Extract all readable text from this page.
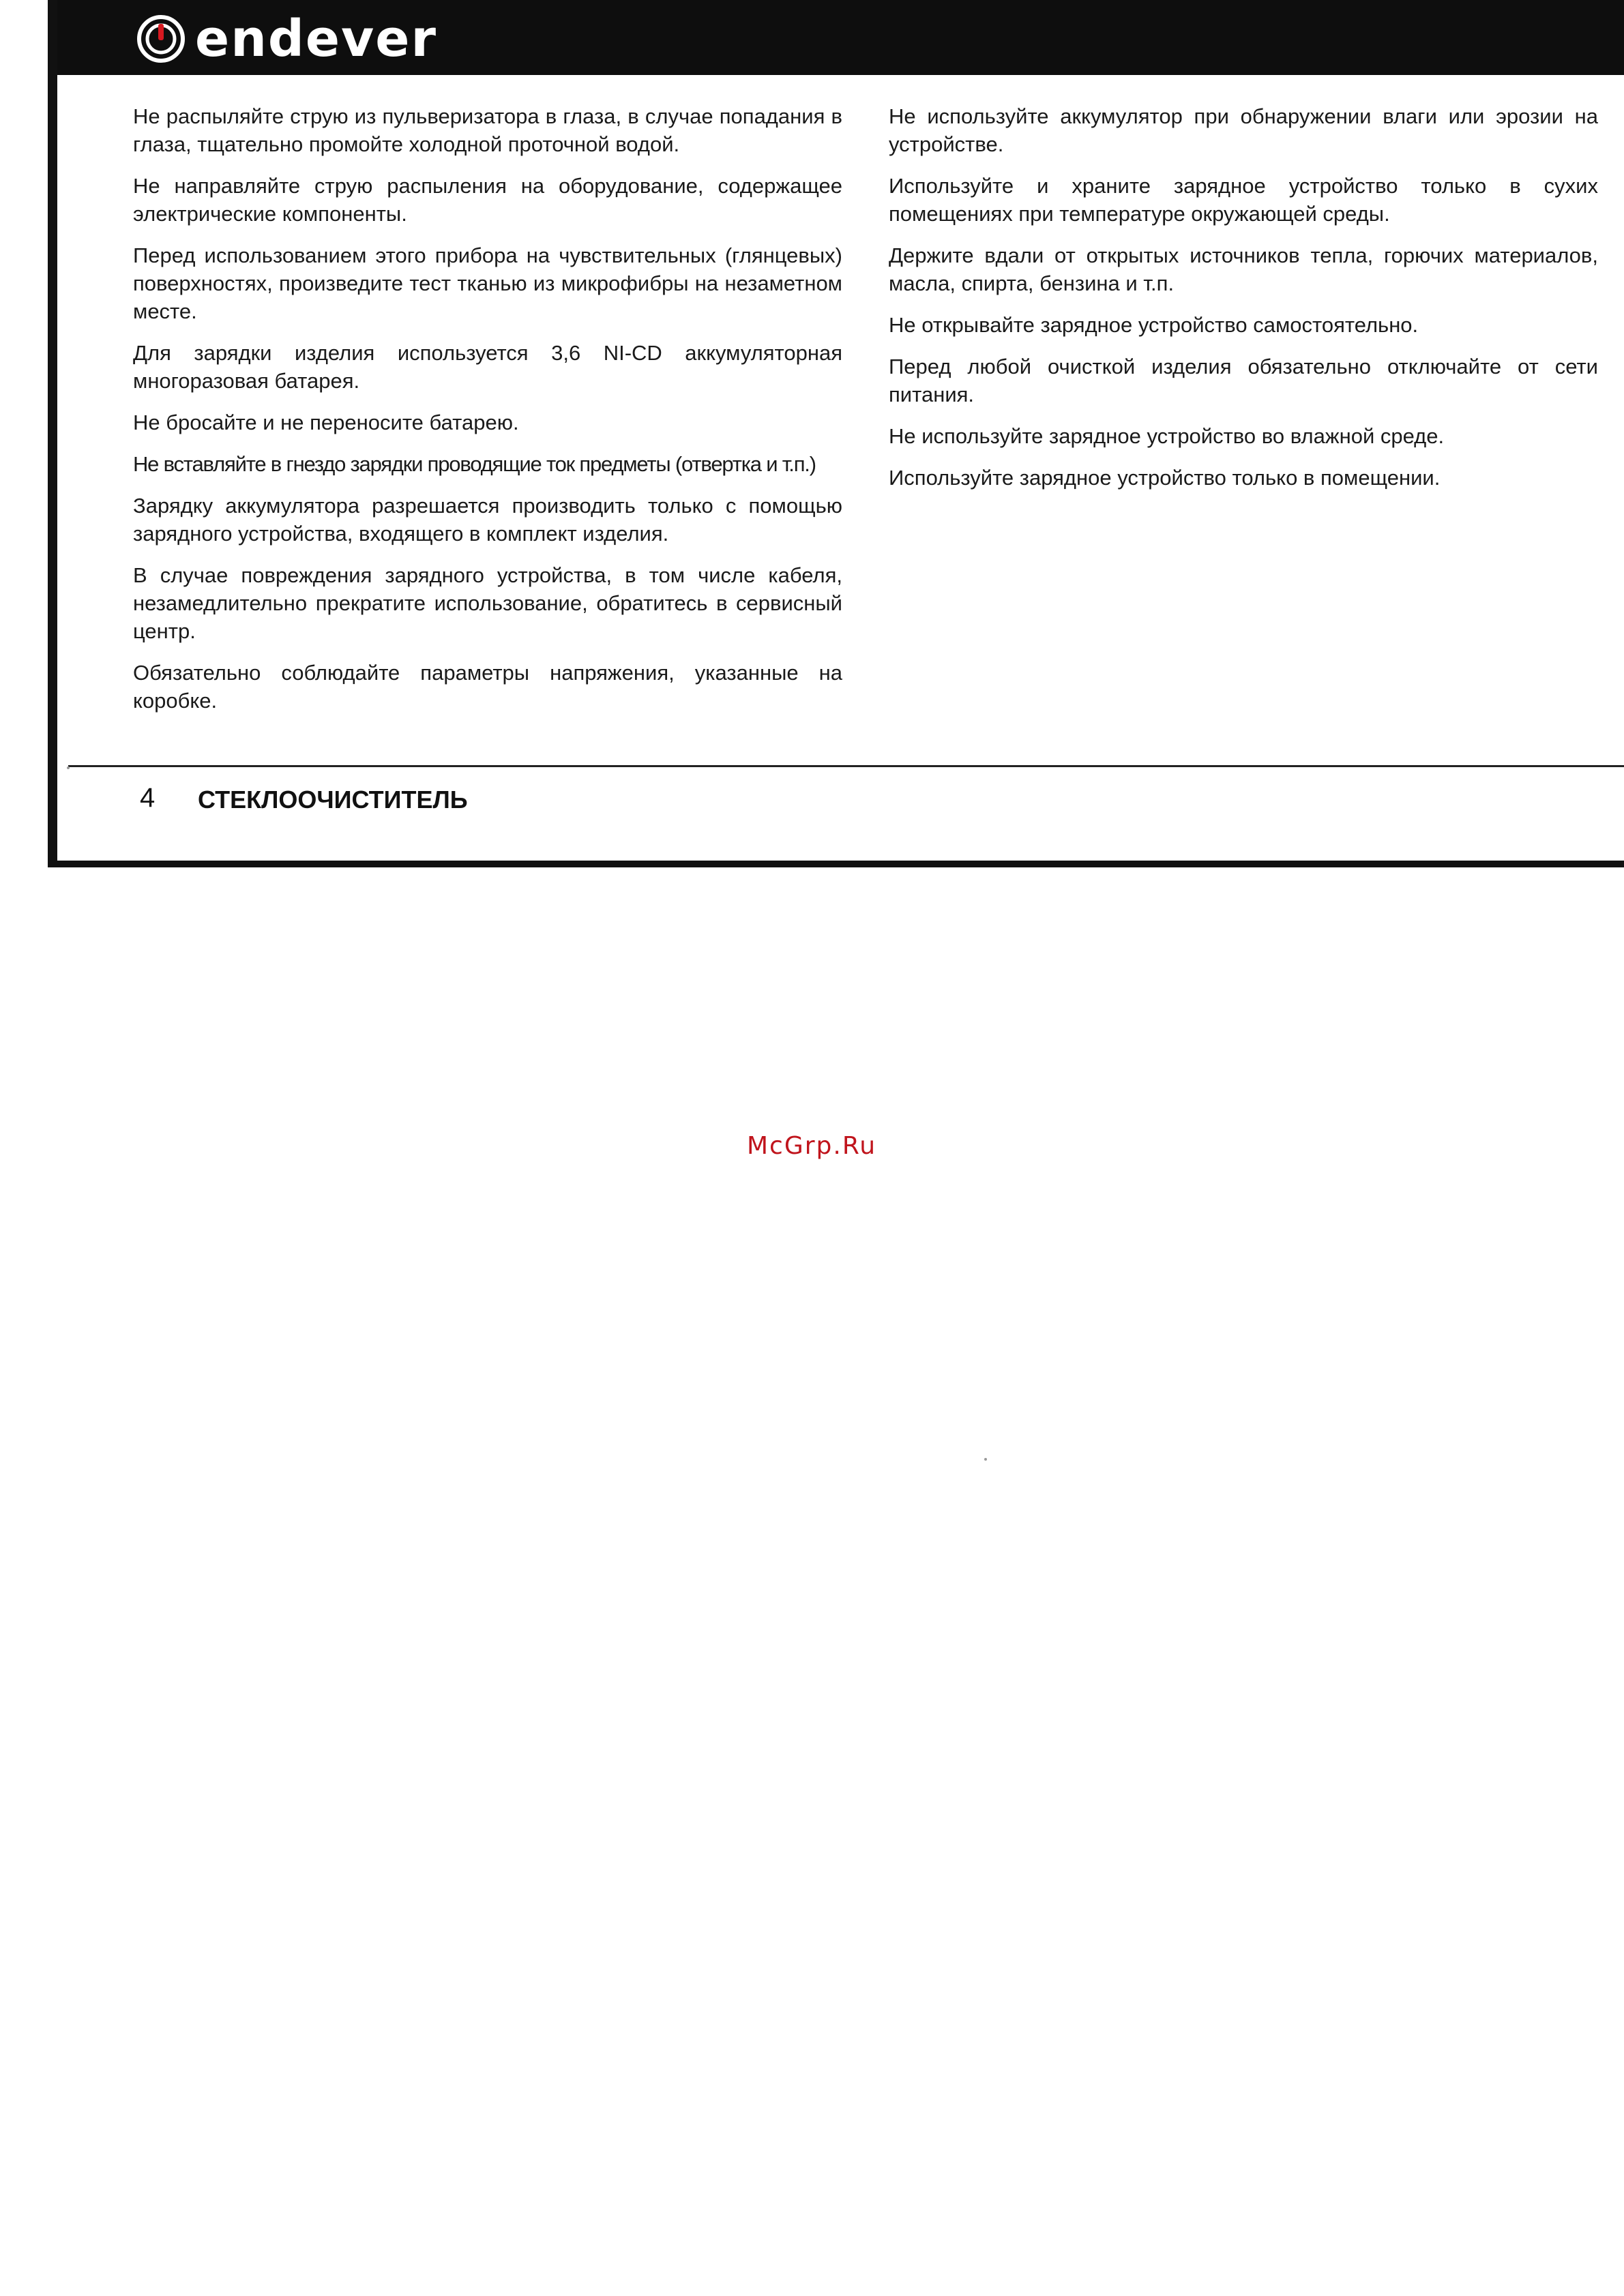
endever

Не распыляйте струю из пульверизатора в глаза, в случае попадания в глаза, тщательно промойте холодной проточной водой.

Не направляйте струю распыления на оборудование, содержащее электрические компоненты.

Перед использованием этого прибора на чувствительных (глянцевых) поверхностях, произведите тест тканью из микрофибры на незаметном месте.

Для зарядки изделия используется 3,6 NI-CD аккумуляторная многоразовая батарея.

Не бросайте и не переносите батарею.

Не вставляйте в гнездо зарядки проводящие ток предметы (отвертка и т.п.)

Зарядку аккумулятора разрешается производить только с помощью зарядного устройства, входящего в комплект изделия.

В случае повреждения зарядного устройства, в том числе кабеля, незамедлительно прекратите использование, обратитесь в сервисный центр.

Обязательно соблюдайте параметры напряжения, указанные на коробке.

Не используйте аккумулятор при обнаружении влаги или эрозии на устройстве.

Используйте и храните зарядное устройство только в сухих помещениях при температуре окружающей среды.

Держите вдали от открытых источников тепла, горючих материалов, масла, спирта, бензина и т.п.

Не открывайте зарядное устройство самостоятельно.

Перед любой очисткой изделия обязательно отключайте от сети питания.

Не используйте зарядное устройство во влажной среде.

Используйте зарядное устройство только в помещении.

4 СТЕКЛООЧИСТИТЕЛЬ
McGrp.Ru
